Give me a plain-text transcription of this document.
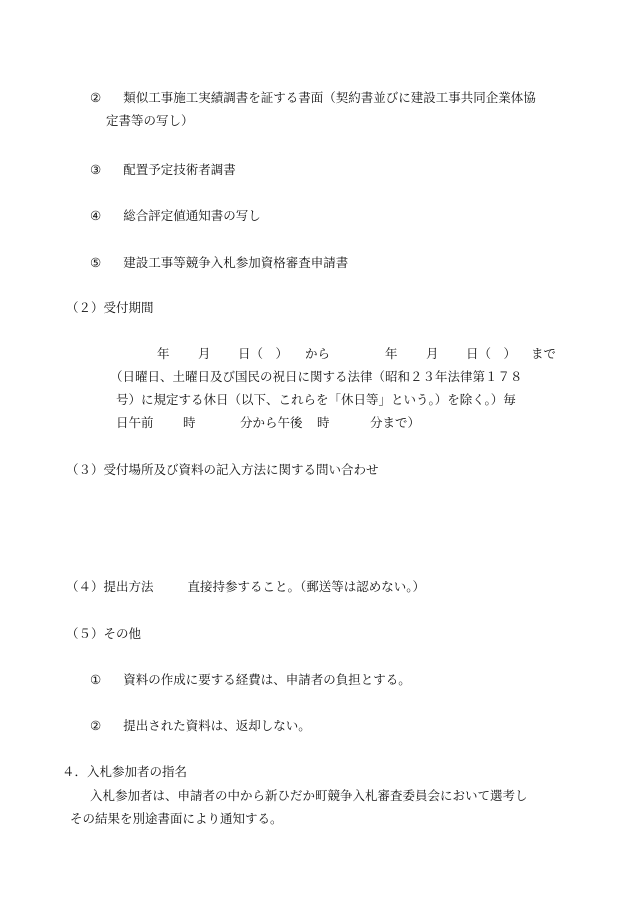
② 類似工事施工実績調書を証する書面（契約書並びに建設工事共同企業体協
定書等の写し）
③ 配置予定技術者調書
④ 総合評定値通知書の写し
⑤ 建設工事等競争入札参加資格審査申請書
（２）受付期間
年 月 日（　） から	年 月 日（　） まで
（日曜日、土曜日及び国民の祝日に関する法律（昭和２３年法律第１７８
号）に規定する休日（以下、これらを「休日等」という。）を除く。）毎
日午前 時	分から午後 時	分まで）
（３）受付場所及び資料の記入方法に関する問い合わせ
（４）提出方法	直接持参すること。（郵送等は認めない。）
（５）その他
① 資料の作成に要する経費は、申請者の負担とする。
② 提出された資料は、返却しない。
４．入札参加者の指名
入札参加者は、申請者の中から新ひだか町競争入札審査委員会において選考し
その結果を別途書面により通知する。
